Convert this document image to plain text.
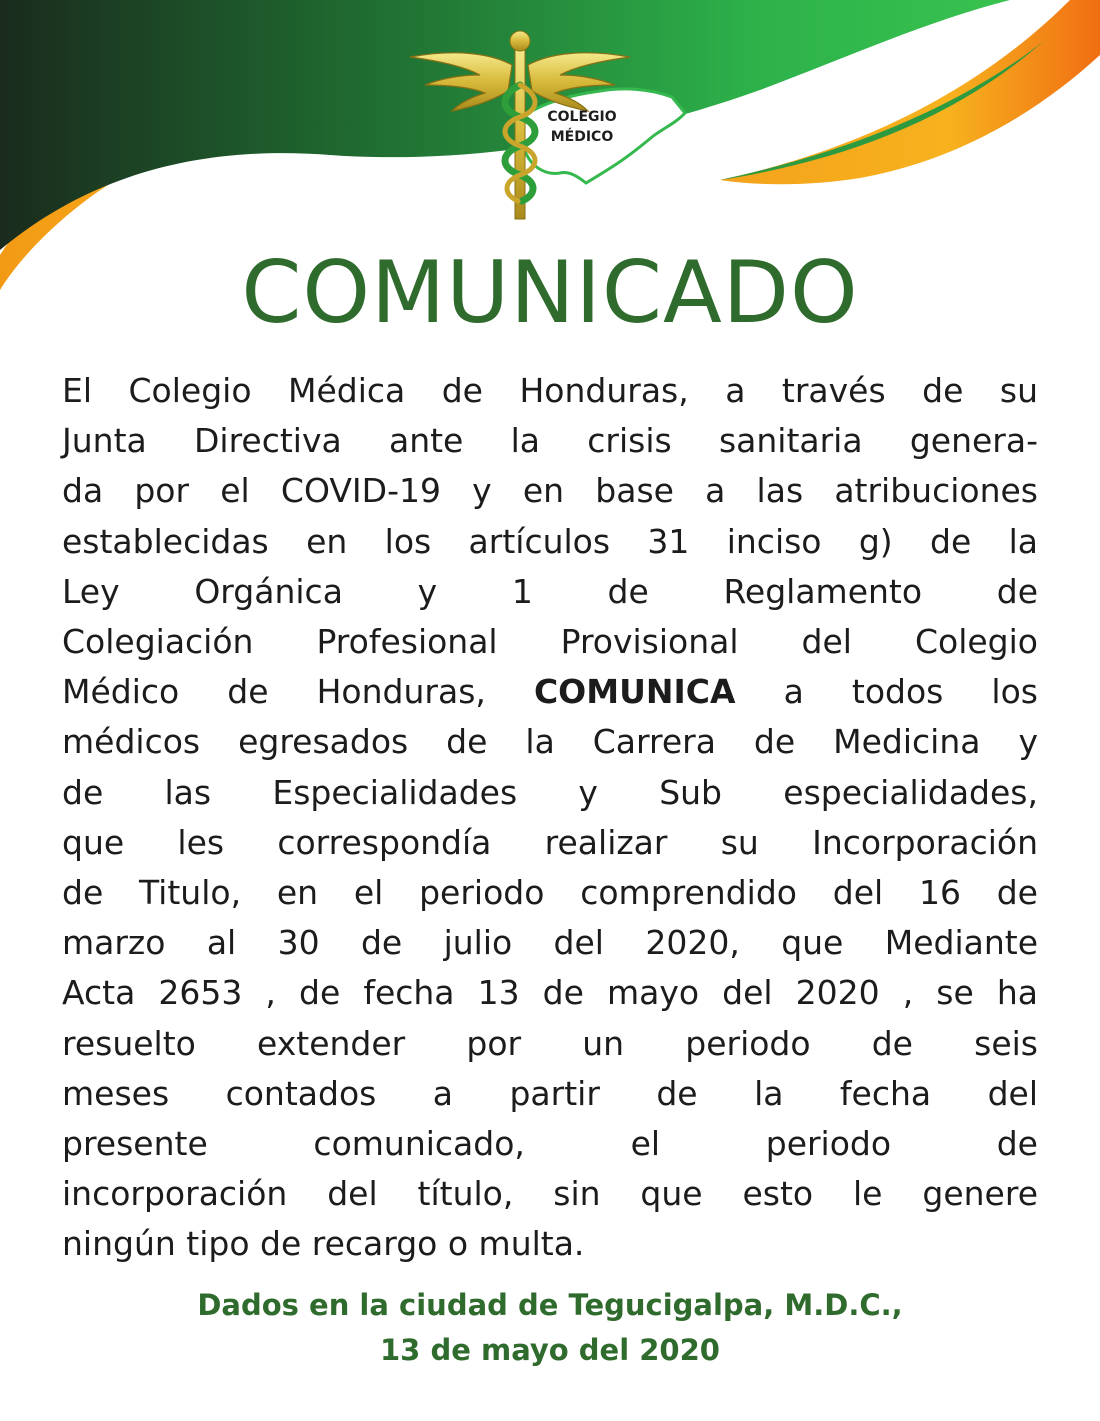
COLEGIO
MÉDICO
COMUNICADO
El Colegio Médica de Honduras, a través de su
Junta Directiva ante la crisis sanitaria genera-
da por el COVID-19 y en base a las atribuciones
establecidas en los artículos 31 inciso g) de la
Ley Orgánica y 1 de Reglamento de
Colegiación Profesional Provisional del Colegio
Médico de Honduras, COMUNICA a todos los
médicos egresados de la Carrera de Medicina y
de las Especialidades y Sub especialidades,
que les correspondía realizar su Incorporación
de Titulo, en el periodo comprendido del 16 de
marzo al 30 de julio del 2020, que Mediante
Acta 2653 , de fecha 13 de mayo del 2020 , se ha
resuelto extender por un periodo de seis
meses contados a partir de la fecha del
presente comunicado, el periodo de
incorporación del título, sin que esto le genere
ningún tipo de recargo o multa.
Dados en la ciudad de Tegucigalpa, M.D.C.,
13 de mayo del 2020
